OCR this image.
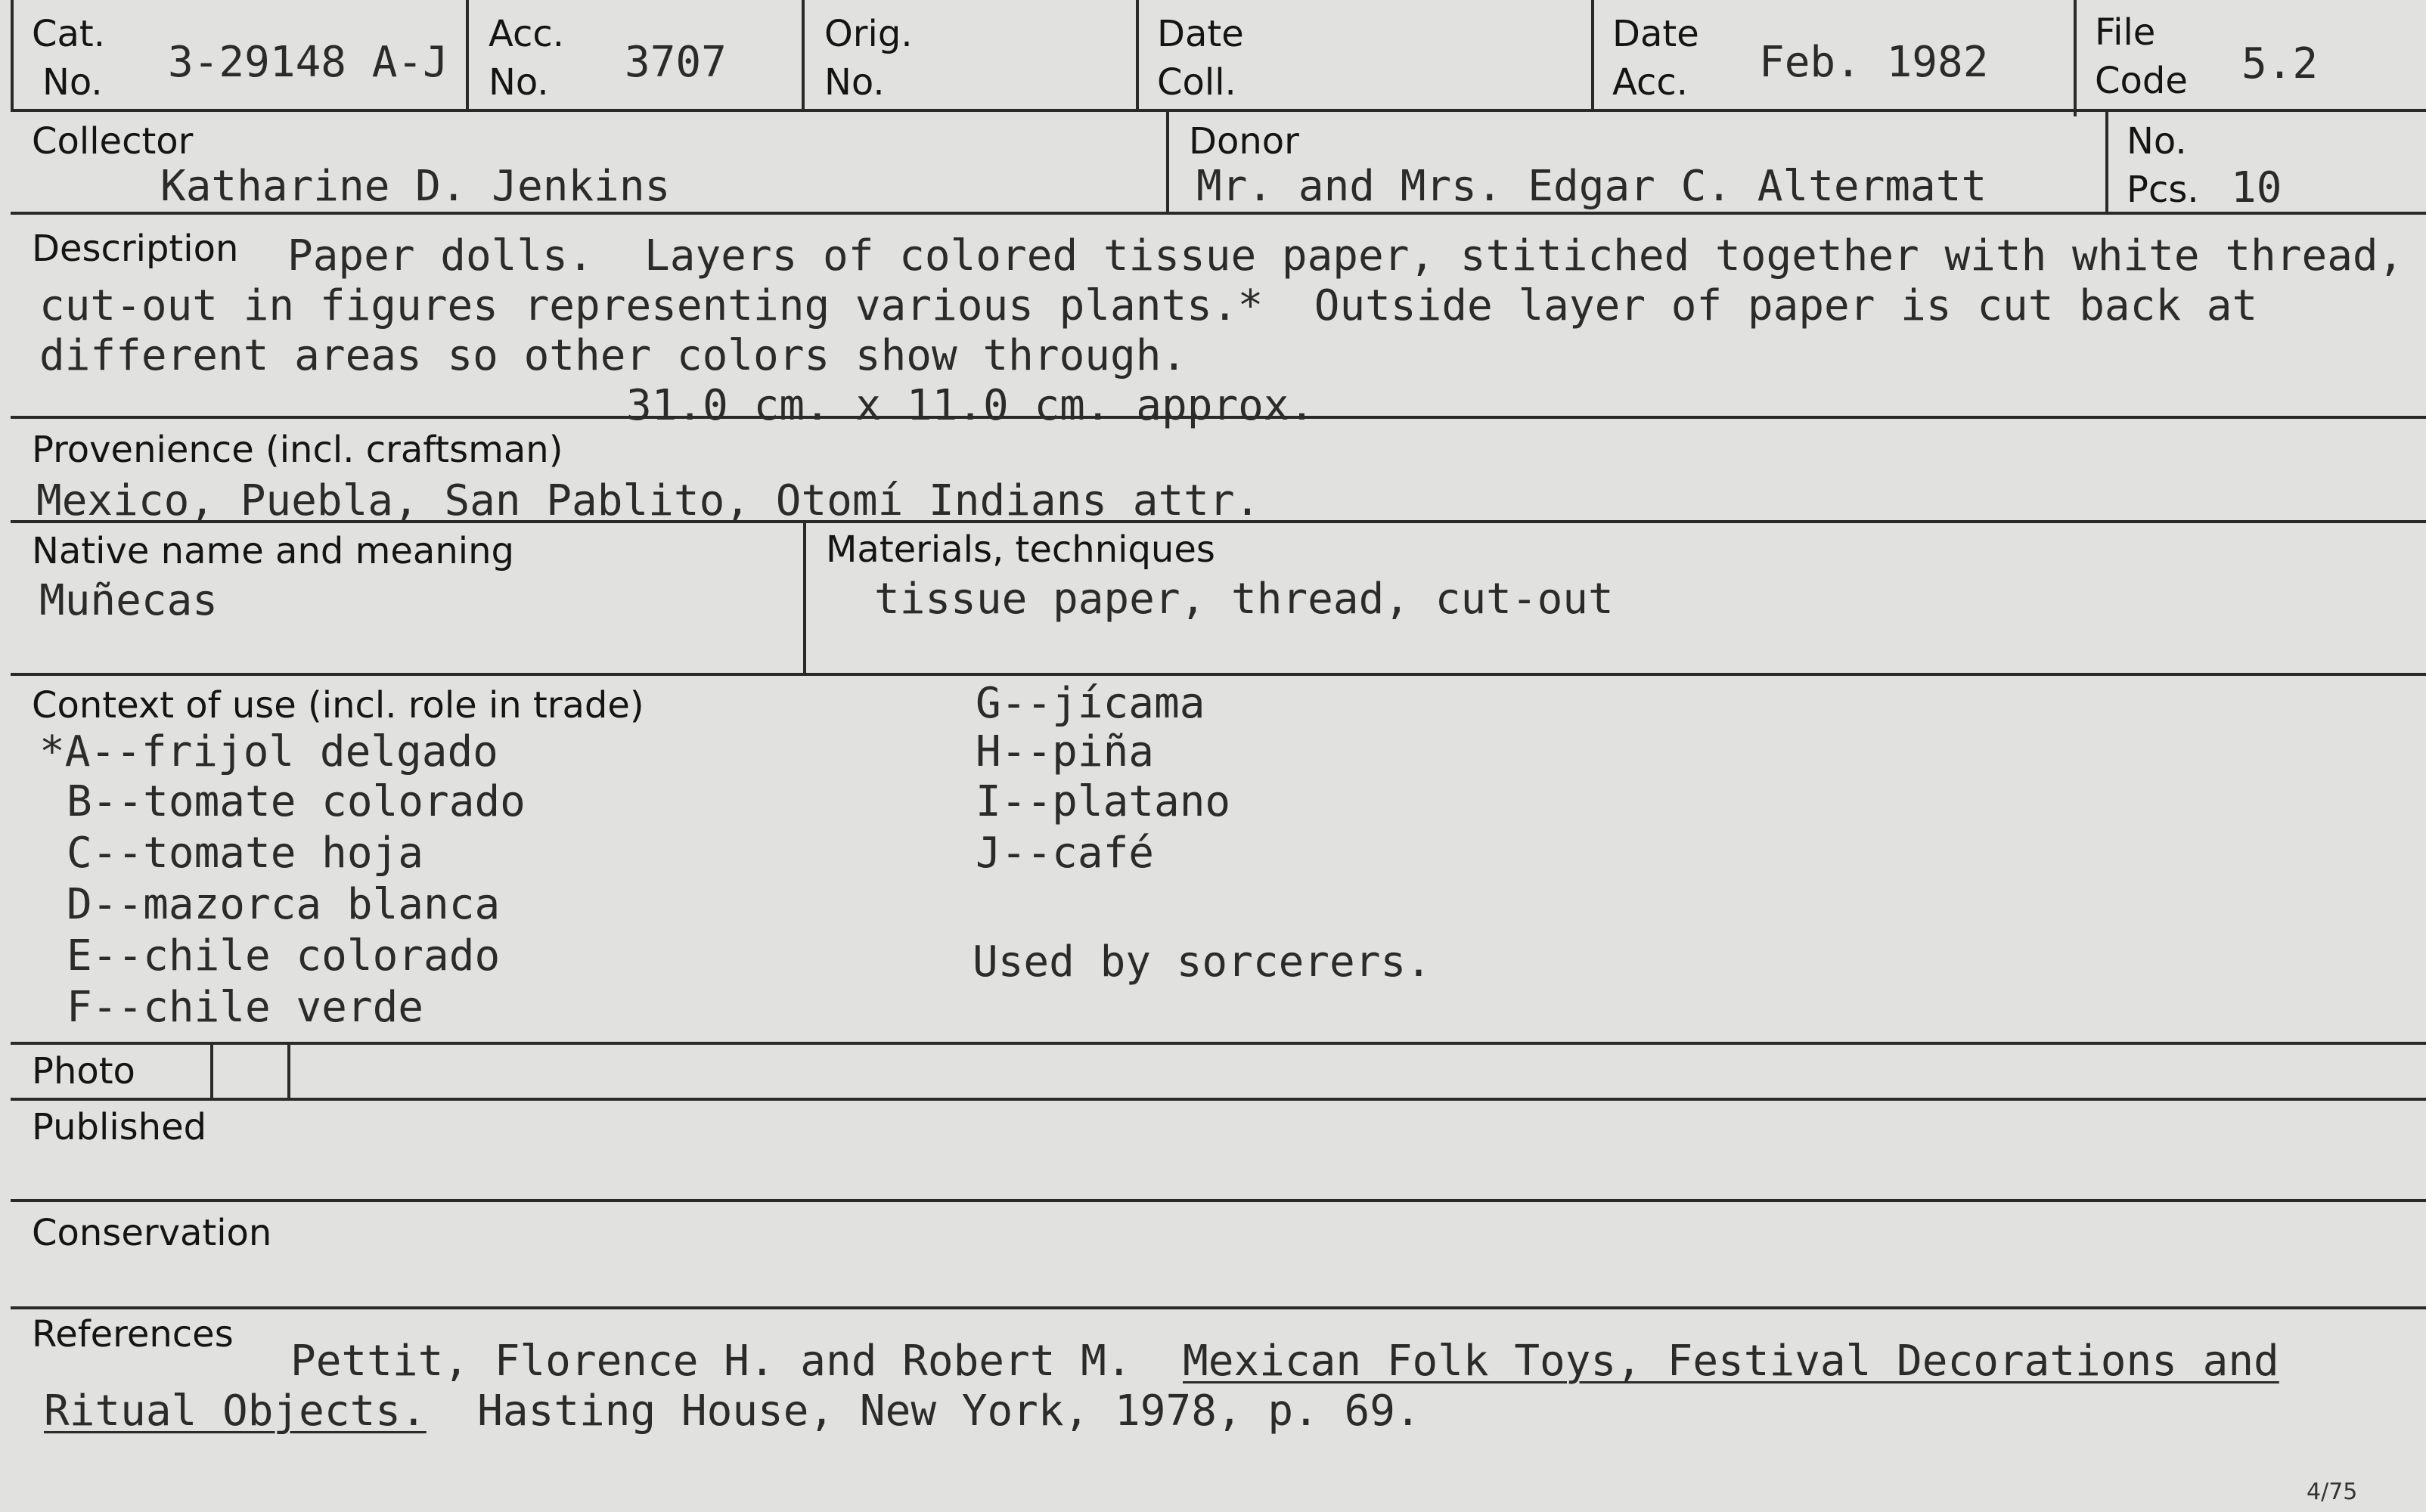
Cat.
No. 3-29148 A-J
Acc.
No. 3707
Orig.
No.
Date
Coll.
Date
Acc. Feb. 1982
File
Code 5.2
Collector
Katharine D. Jenkins
Donor
Mr. and Mrs. Edgar C. Altermatt
No.
Pcs. 10
Description Paper dolls.  Layers of colored tissue paper, stitiched together with white thread,
cut-out in figures representing various plants.*  Outside layer of paper is cut back at
different areas so other colors show through.
31.0 cm. x 11.0 cm. approx.
Provenience (incl. craftsman)
Mexico, Puebla, San Pablito, Otomí Indians attr.
Native name and meaning
Muñecas
Materials, techniques
tissue paper, thread, cut-out
Context of use (incl. role in trade)
*A--frijol delgado
B--tomate colorado
C--tomate hoja
D--mazorca blanca
E--chile colorado
F--chile verde
G--jícama
H--piña
I--platano
J--café
Used by sorcerers.
Photo
Published
Conservation
References
Pettit, Florence H. and Robert M. Mexican Folk Toys, Festival Decorations and
Ritual Objects. Hasting House, New York, 1978, p. 69.
4/75
